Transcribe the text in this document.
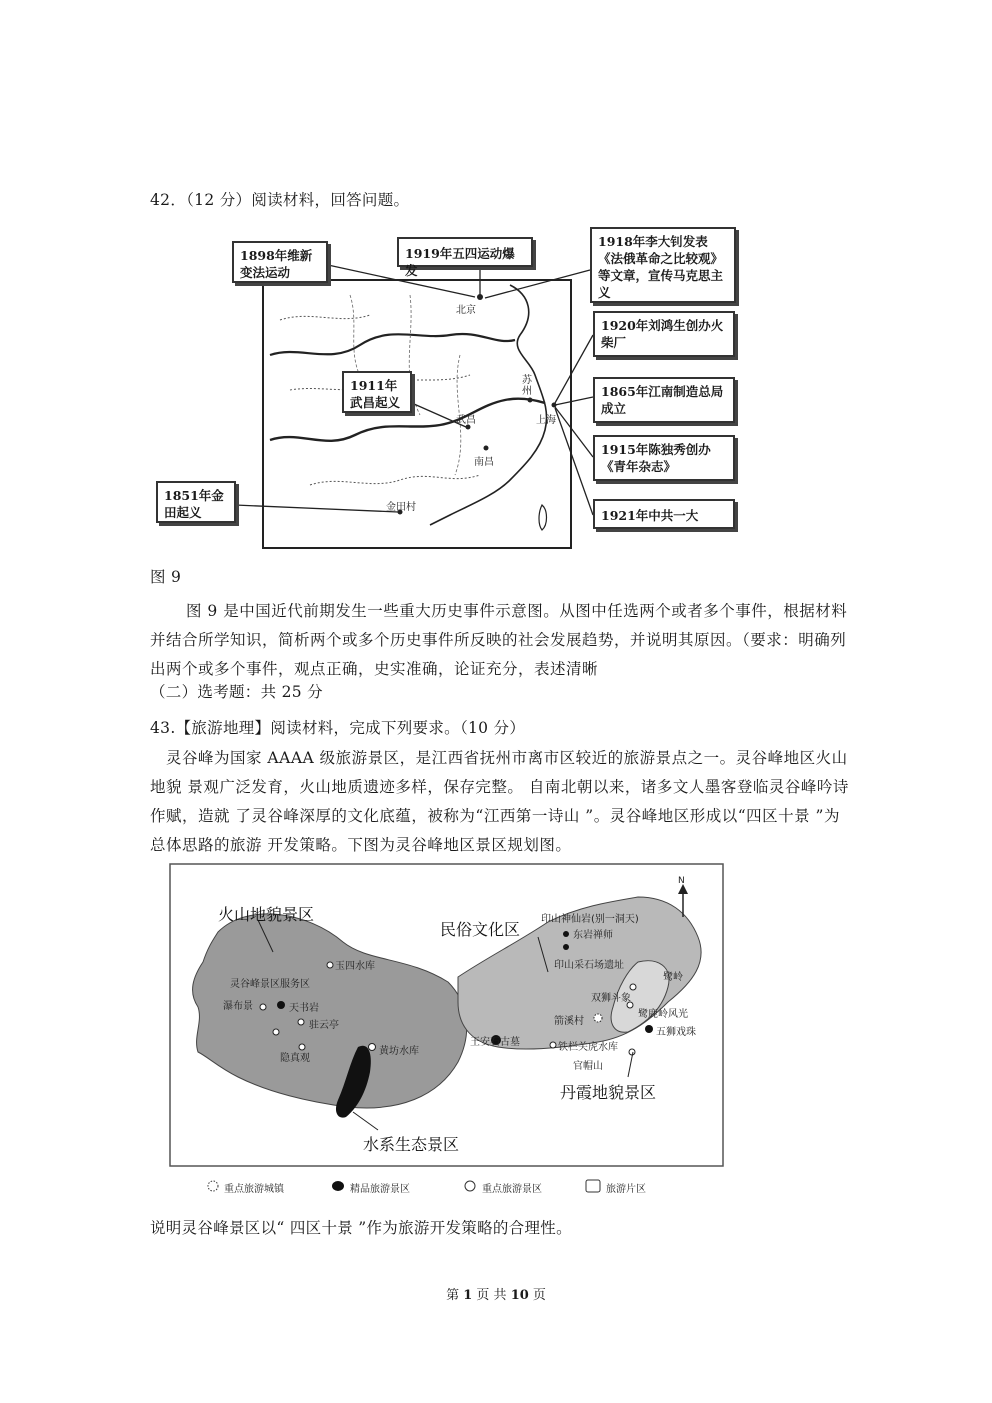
42．（12 分）阅读材料，回答问题。
1898年维新变法运动
1919年五四运动爆发
1918年李大钊发表《法俄革命之比较观》等文章，宣传马克思主义
1920年刘鸿生创办火柴厂
1865年江南制造总局成立
1915年陈独秀创办《青年杂志》
1921年中共一大
1911年武昌起义
1851年金田起义
北京
苏州
上海
武昌
南昌
金田村
图 9
图 9 是中国近代前期发生一些重大历史事件示意图。从图中任选两个或者多个事件，根据材料并结合所学知识，简析两个或多个历史事件所反映的社会发展趋势，并说明其原因。（要求：明确列出两个或多个事件，观点正确，史实准确，论证充分，表述清晰
（二）选考题：共 25 分
43.【旅游地理】阅读材料，完成下列要求。（10 分）
灵谷峰为国家 AAAA 级旅游景区，是江西省抚州市离市区较近的旅游景点之一。灵谷峰地区火山地貌 景观广泛发育，火山地质遗迹多样，保存完整。 自南北朝以来，诸多文人墨客登临灵谷峰吟诗作赋，造就 了灵谷峰深厚的文化底蕴，被称为“江西第一诗山 ”。灵谷峰地区形成以“四区十景 ”为总体思路的旅游 开发策略。下图为灵谷峰地区景区规划图。
火山地貌景区
民俗文化区
丹霞地貌景区
水系生态景区
N
印山神仙岩(别一洞天)
东岩禅师
印山采石场遗址
鹭岭
双狮斗象
箭溪村
鹭鹿岭风光
五狮戏珠
铁栏关虎水库
官帽山
王安石古墓
玉四水库
灵谷峰景区服务区
瀑布景	天书岩
驻云亭
隐真观
黄坊水库
重点旅游城镇	精品旅游景区	重点旅游景区	旅游片区
说明灵谷峰景区以“ 四区十景 ”作为旅游开发策略的合理性。
第 1 页 共 10 页
